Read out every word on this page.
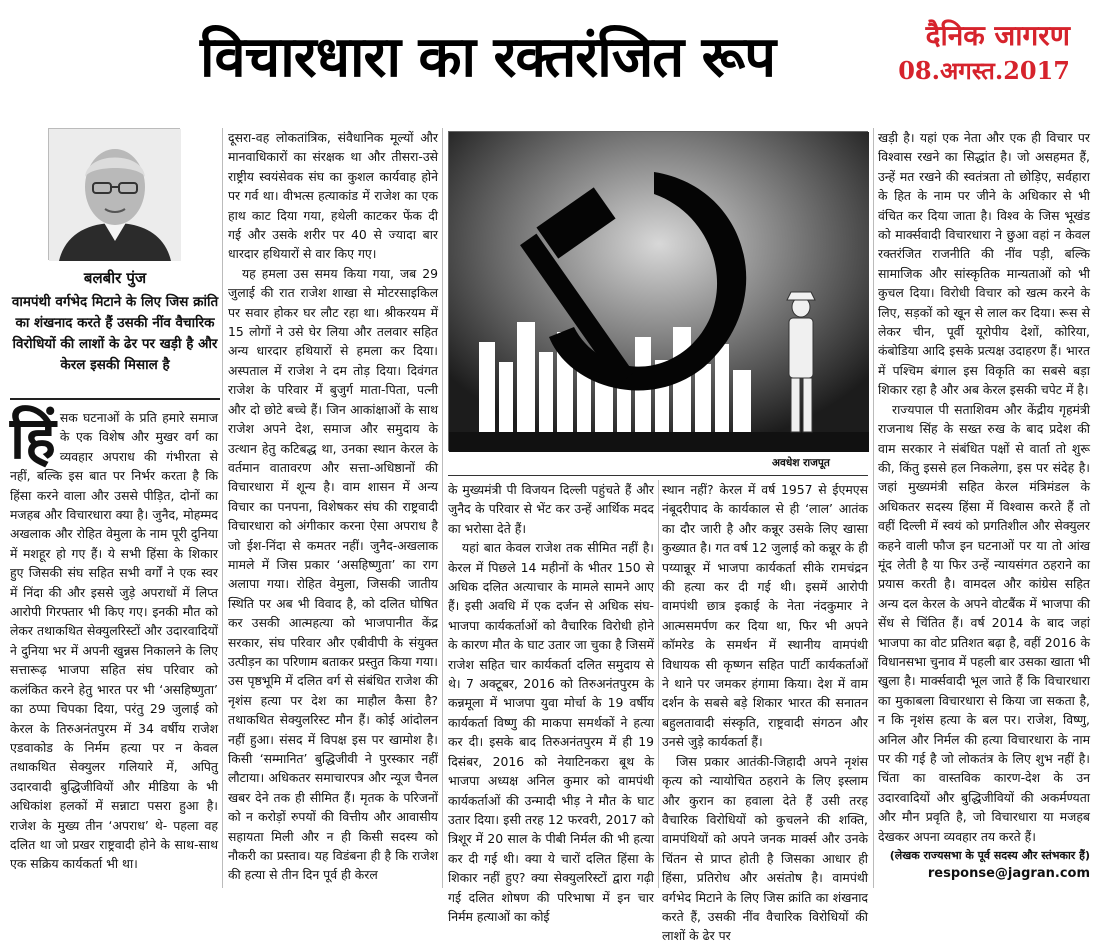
विचारधारा का रक्तरंजित रूप	दैनिक जागरण
08.अगस्त.2017
बलबीर पुंज
वामपंथी वर्गभेद मिटाने के लिए जिस क्रांति का शंखनाद करते हैं उसकी नींव वैचारिक विरोधियों की लाशों के ढेर पर खड़ी है और केरल इसकी मिसाल है

हिं सक घटनाओं के प्रति हमारे समाज के एक विशेष और मुखर वर्ग का व्यवहार अपराध की गंभीरता से नहीं, बल्कि इस बात पर निर्भर करता है कि हिंसा करने वाला और उससे पीड़ित, दोनों का मजहब और विचारधारा क्या है। जुनैद, मोहम्मद अखलाक और रोहित वेमुला के नाम पूरी दुनिया में मशहूर हो गए हैं। ये सभी हिंसा के शिकार हुए जिसकी संघ सहित सभी वर्गों ने एक स्वर में निंदा की और इससे जुड़े अपराधों में लिप्त आरोपी गिरफ्तार भी किए गए। इनकी मौत को लेकर तथाकथित सेक्युलरिस्टों और उदारवादियों ने दुनिया भर में अपनी खुन्नस निकालने के लिए सत्तारूढ़ भाजपा सहित संघ परिवार को कलंकित करने हेतु भारत पर भी ‘असहिष्णुता’ का ठप्पा चिपका दिया, परंतु 29 जुलाई को केरल के तिरुअनंतपुरम में 34 वर्षीय राजेश एडवाकोड के निर्मम हत्या पर न केवल तथाकथित सेक्युलर गलियारे में, अपितु उदारवादी बुद्धिजीवियों और मीडिया के भी अधिकांश हलकों में सन्नाटा पसरा हुआ है। राजेश के मुख्य तीन ‘अपराध’ थे- पहला वह दलित था जो प्रखर राष्ट्रवादी होने के साथ-साथ एक सक्रिय कार्यकर्ता भी था।

दूसरा-वह लोकतांत्रिक, संवैधानिक मूल्यों और मानवाधिकारों का संरक्षक था और तीसरा-उसे राष्ट्रीय स्वयंसेवक संघ का कुशल कार्यवाह होने पर गर्व था। वीभत्स हत्याकांड में राजेश का एक हाथ काट दिया गया, हथेली काटकर फेंक दी गई और उसके शरीर पर 40 से ज्यादा बार धारदार हथियारों से वार किए गए।

यह हमला उस समय किया गया, जब 29 जुलाई की रात राजेश शाखा से मोटरसाइकिल पर सवार होकर घर लौट रहा था। श्रीकरयम में 15 लोगों ने उसे घेर लिया और तलवार सहित अन्य धारदार हथियारों से हमला कर दिया। अस्पताल में राजेश ने दम तोड़ दिया। दिवंगत राजेश के परिवार में बुजुर्ग माता-पिता, पत्नी और दो छोटे बच्चे हैं। जिन आकांक्षाओं के साथ राजेश अपने देश, समाज और समुदाय के उत्थान हेतु कटिबद्ध था, उनका स्थान केरल के वर्तमान वातावरण और सत्ता-अधिष्ठानों की विचारधारा में शून्य है। वाम शासन में अन्य विचार का पनपना, विशेषकर संघ की राष्ट्रवादी विचारधारा को अंगीकार करना ऐसा अपराध है जो ईश-निंदा से कमतर नहीं। जुनैद-अखलाक मामले में जिस प्रकार ‘असहिष्णुता’ का राग अलापा गया। रोहित वेमुला, जिसकी जातीय स्थिति पर अब भी विवाद है, को दलित घोषित कर उसकी आत्महत्या को भाजपानीत केंद्र सरकार, संघ परिवार और एबीवीपी के संयुक्त उत्पीड़न का परिणाम बताकर प्रस्तुत किया गया। उस पृष्ठभूमि में दलित वर्ग से संबंधित राजेश की नृशंस हत्या पर देश का माहौल कैसा है? तथाकथित सेक्युलरिस्ट मौन हैं। कोई आंदोलन नहीं हुआ। संसद में विपक्ष इस पर खामोश है। किसी ‘सम्मानित’ बुद्धिजीवी ने पुरस्कार नहीं लौटाया। अधिकतर समाचारपत्र और न्यूज चैनल खबर देने तक ही सीमित हैं। मृतक के परिजनों को न करोड़ों रुपयों की वित्तीय और आवासीय सहायता मिली और न ही किसी सदस्य को नौकरी का प्रस्ताव। यह विडंबना ही है कि राजेश की हत्या से तीन दिन पूर्व ही केरल

अवधेश राजपूत

के मुख्यमंत्री पी विजयन दिल्ली पहुंचते हैं और जुनैद के परिवार से भेंट कर उन्हें आर्थिक मदद का भरोसा देते हैं।

यहां बात केवल राजेश तक सीमित नहीं है। केरल में पिछले 14 महीनों के भीतर 150 से अधिक दलित अत्याचार के मामले सामने आए हैं। इसी अवधि में एक दर्जन से अधिक संघ-भाजपा कार्यकर्ताओं को वैचारिक विरोधी होने के कारण मौत के घाट उतार जा चुका है जिसमें राजेश सहित चार कार्यकर्ता दलित समुदाय से थे। 7 अक्टूबर, 2016 को तिरुअनंतपुरम के कन्नमूला में भाजपा युवा मोर्चा के 19 वर्षीय कार्यकर्ता विष्णु की माकपा समर्थकों ने हत्या कर दी। इसके बाद तिरुअनंतपुरम में ही 19 दिसंबर, 2016 को नेयाटिनकरा बूथ के भाजपा अध्यक्ष अनिल कुमार को वामपंथी कार्यकर्ताओं की उन्मादी भीड़ ने मौत के घाट उतार दिया। इसी तरह 12 फरवरी, 2017 को त्रिशूर में 20 साल के पीबी निर्मल की भी हत्या कर दी गई थी। क्या ये चारों दलित हिंसा के शिकार नहीं हुए? क्या सेक्युलरिस्टों द्वारा गढ़ी गई दलित शोषण की परिभाषा में इन चार निर्मम हत्याओं का कोई

स्थान नहीं? केरल में वर्ष 1957 से ईएमएस नंबूदरीपाद के कार्यकाल से ही ‘लाल’ आतंक का दौर जारी है और कन्नूर उसके लिए खासा कुख्यात है। गत वर्ष 12 जुलाई को कन्नूर के ही पय्यान्नूर में भाजपा कार्यकर्ता सीके रामचंद्रन की हत्या कर दी गई थी। इसमें आरोपी वामपंथी छात्र इकाई के नेता नंदकुमार ने आत्मसमर्पण कर दिया था, फिर भी अपने कॉमरेड के समर्थन में स्थानीय वामपंथी विधायक सी कृष्णन सहित पार्टी कार्यकर्ताओं ने थाने पर जमकर हंगामा किया। देश में वाम दर्शन के सबसे बड़े शिकार भारत की सनातन बहुलतावादी संस्कृति, राष्ट्रवादी संगठन और उनसे जुड़े कार्यकर्ता हैं।

जिस प्रकार आतंकी-जिहादी अपने नृशंस कृत्य को न्यायोचित ठहराने के लिए इस्लाम और कुरान का हवाला देते हैं उसी तरह वैचारिक विरोधियों को कुचलने की शक्ति, वामपंथियों को अपने जनक मार्क्स और उनके चिंतन से प्राप्त होती है जिसका आधार ही हिंसा, प्रतिरोध और असंतोष है। वामपंथी वर्गभेद मिटाने के लिए जिस क्रांति का शंखनाद करते हैं, उसकी नींव वैचारिक विरोधियों की लाशों के ढेर पर

खड़ी है। यहां एक नेता और एक ही विचार पर विश्वास रखने का सिद्धांत है। जो असहमत हैं, उन्हें मत रखने की स्वतंत्रता तो छोड़िए, सर्वहारा के हित के नाम पर जीने के अधिकार से भी वंचित कर दिया जाता है। विश्व के जिस भूखंड को मार्क्सवादी विचारधारा ने छुआ वहां न केवल रक्तरंजित राजनीति की नींव पड़ी, बल्कि सामाजिक और सांस्कृतिक मान्यताओं को भी कुचल दिया। विरोधी विचार को खत्म करने के लिए, सड़कों को खून से लाल कर दिया। रूस से लेकर चीन, पूर्वी यूरोपीय देशों, कोरिया, कंबोडिया आदि इसके प्रत्यक्ष उदाहरण हैं। भारत में पश्चिम बंगाल इस विकृति का सबसे बड़ा शिकार रहा है और अब केरल इसकी चपेट में है।

राज्यपाल पी सताशिवम और केंद्रीय गृहमंत्री राजनाथ सिंह के सख्त रुख के बाद प्रदेश की वाम सरकार ने संबंधित पक्षों से वार्ता तो शुरू की, किंतु इससे हल निकलेगा, इस पर संदेह है। जहां मुख्यमंत्री सहित केरल मंत्रिमंडल के अधिकतर सदस्य हिंसा में विश्वास करते हैं तो वहीं दिल्ली में स्वयं को प्रगतिशील और सेक्युलर कहने वाली फौज इन घटनाओं पर या तो आंख मूंद लेती है या फिर उन्हें न्यायसंगत ठहराने का प्रयास करती है। वामदल और कांग्रेस सहित अन्य दल केरल के अपने वोटबैंक में भाजपा की सेंध से चिंतित हैं। वर्ष 2014 के बाद जहां भाजपा का वोट प्रतिशत बढ़ा है, वहीं 2016 के विधानसभा चुनाव में पहली बार उसका खाता भी खुला है। मार्क्सवादी भूल जाते हैं कि विचारधारा का मुकाबला विचारधारा से किया जा सकता है, न कि नृशंस हत्या के बल पर। राजेश, विष्णु, अनिल और निर्मल की हत्या विचारधारा के नाम पर की गई है जो लोकतंत्र के लिए शुभ नहीं है। चिंता का वास्तविक कारण-देश के उन उदारवादियों और बुद्धिजीवियों की अकर्मण्यता और मौन प्रवृति है, जो विचारधारा या मजहब देखकर अपना व्यवहार तय करते हैं।

(लेखक राज्यसभा के पूर्व सदस्य और स्तंभकार हैं)

response@jagran.com
